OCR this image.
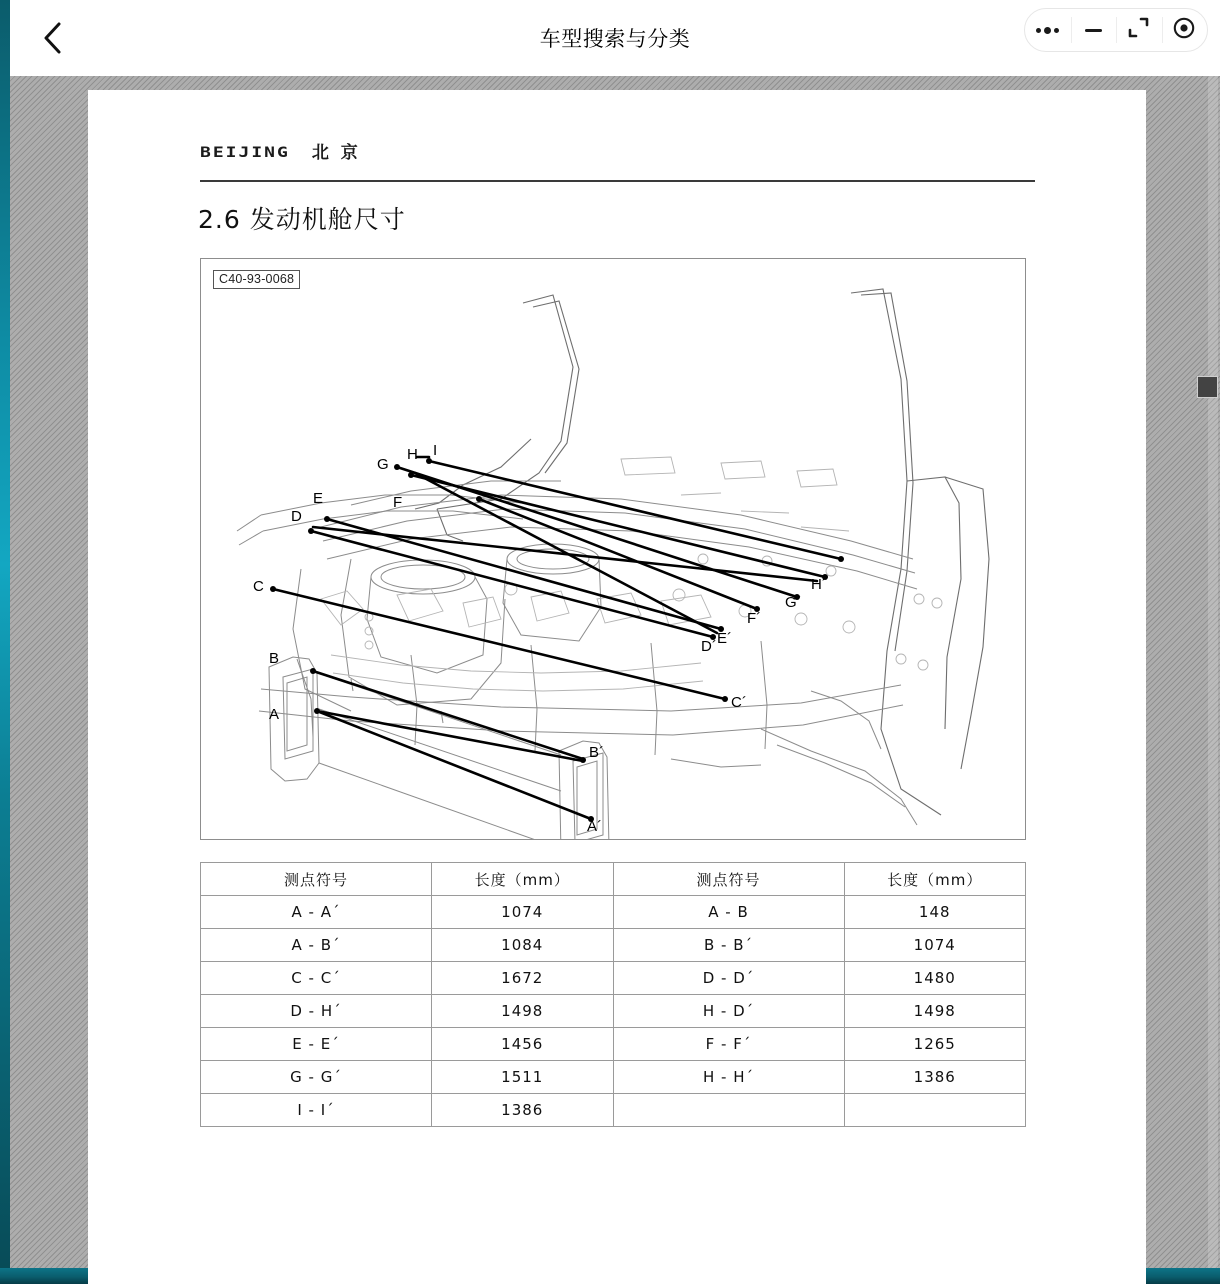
车型搜索与分类
BEIJING 北 京
2.6 发动机舱尺寸
C40-93-0068
G
H I
E	F
D
C
B
A
H´
G´
F´
E´
D´
C´
B´
A´
测点符号	长度（mm）	测点符号	长度（mm）
A - A´	1074	A - B	148
A - B´	1084	B - B´	1074
C - C´	1672	D - D´	1480
D - H´	1498	H - D´	1498
E - E´	1456	F - F´	1265
G - G´	1511	H - H´	1386
I - I´	1386		
